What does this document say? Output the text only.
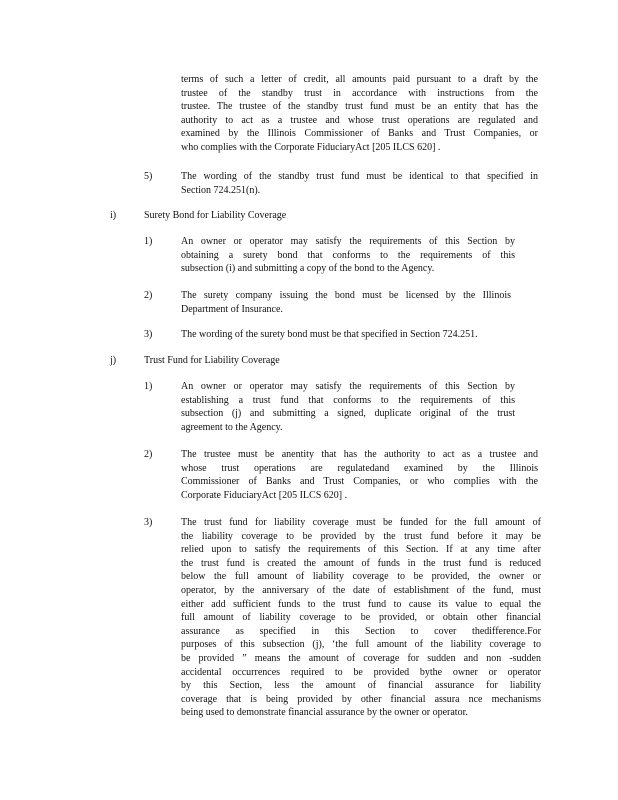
terms of such a letter of credit, all amounts paid pursuant to a draft by the
trustee of the standby trust in accordance with instructions from the
trustee. The trustee of the standby trust fund must be an entity that has the
authority to act as a trustee and whose trust operations are regulated and
examined by the Illinois Commissioner of Banks and Trust Companies, or
who complies with the Corporate FiduciaryAct [205 ILCS 620] .
5)	The wording of the standby trust fund must be identical to that specified in
Section 724.251(n).
i)	Surety Bond for Liability Coverage
1)	An owner or operator may satisfy the requirements of this Section by
obtaining a surety bond that conforms to the requirements of this
subsection (i) and submitting a copy of the bond to the Agency.
2)	The surety company issuing the bond must be licensed by the Illinois
Department of Insurance.
3)	The wording of the surety bond must be that specified in Section 724.251.
j)	Trust Fund for Liability Coverage
1)	An owner or operator may satisfy the requirements of this Section by
establishing a trust fund that conforms to the requirements of this
subsection (j) and submitting a signed, duplicate original of the trust
agreement to the Agency.
2)	The trustee must be anentity that has the authority to act as a trustee and
whose trust operations are regulatedand examined by the Illinois
Commissioner of Banks and Trust Companies, or who complies with the
Corporate FiduciaryAct [205 ILCS 620] .
3)	The trust fund for liability coverage must be funded for the full amount of
the liability coverage to be provided by the trust fund before it may be
relied upon to satisfy the requirements of this Section. If at any time after
the trust fund is created the amount of funds in the trust fund is reduced
below the full amount of liability coverage to be provided, the owner or
operator, by the anniversary of the date of establishment of the fund, must
either add sufficient funds to the trust fund to cause its value to equal the
full amount of liability coverage to be provided, or obtain other financial
assurance as specified in this Section to cover thedifference.For
purposes of this subsection (j), ‘the full amount of the liability coverage to
be provided ” means the amount of coverage for sudden and non -sudden
accidental occurrences required to be provided bythe owner or operator
by this Section, less the amount of financial assurance for liability
coverage that is being provided by other financial assura nce mechanisms
being used to demonstrate financial assurance by the owner or operator.
